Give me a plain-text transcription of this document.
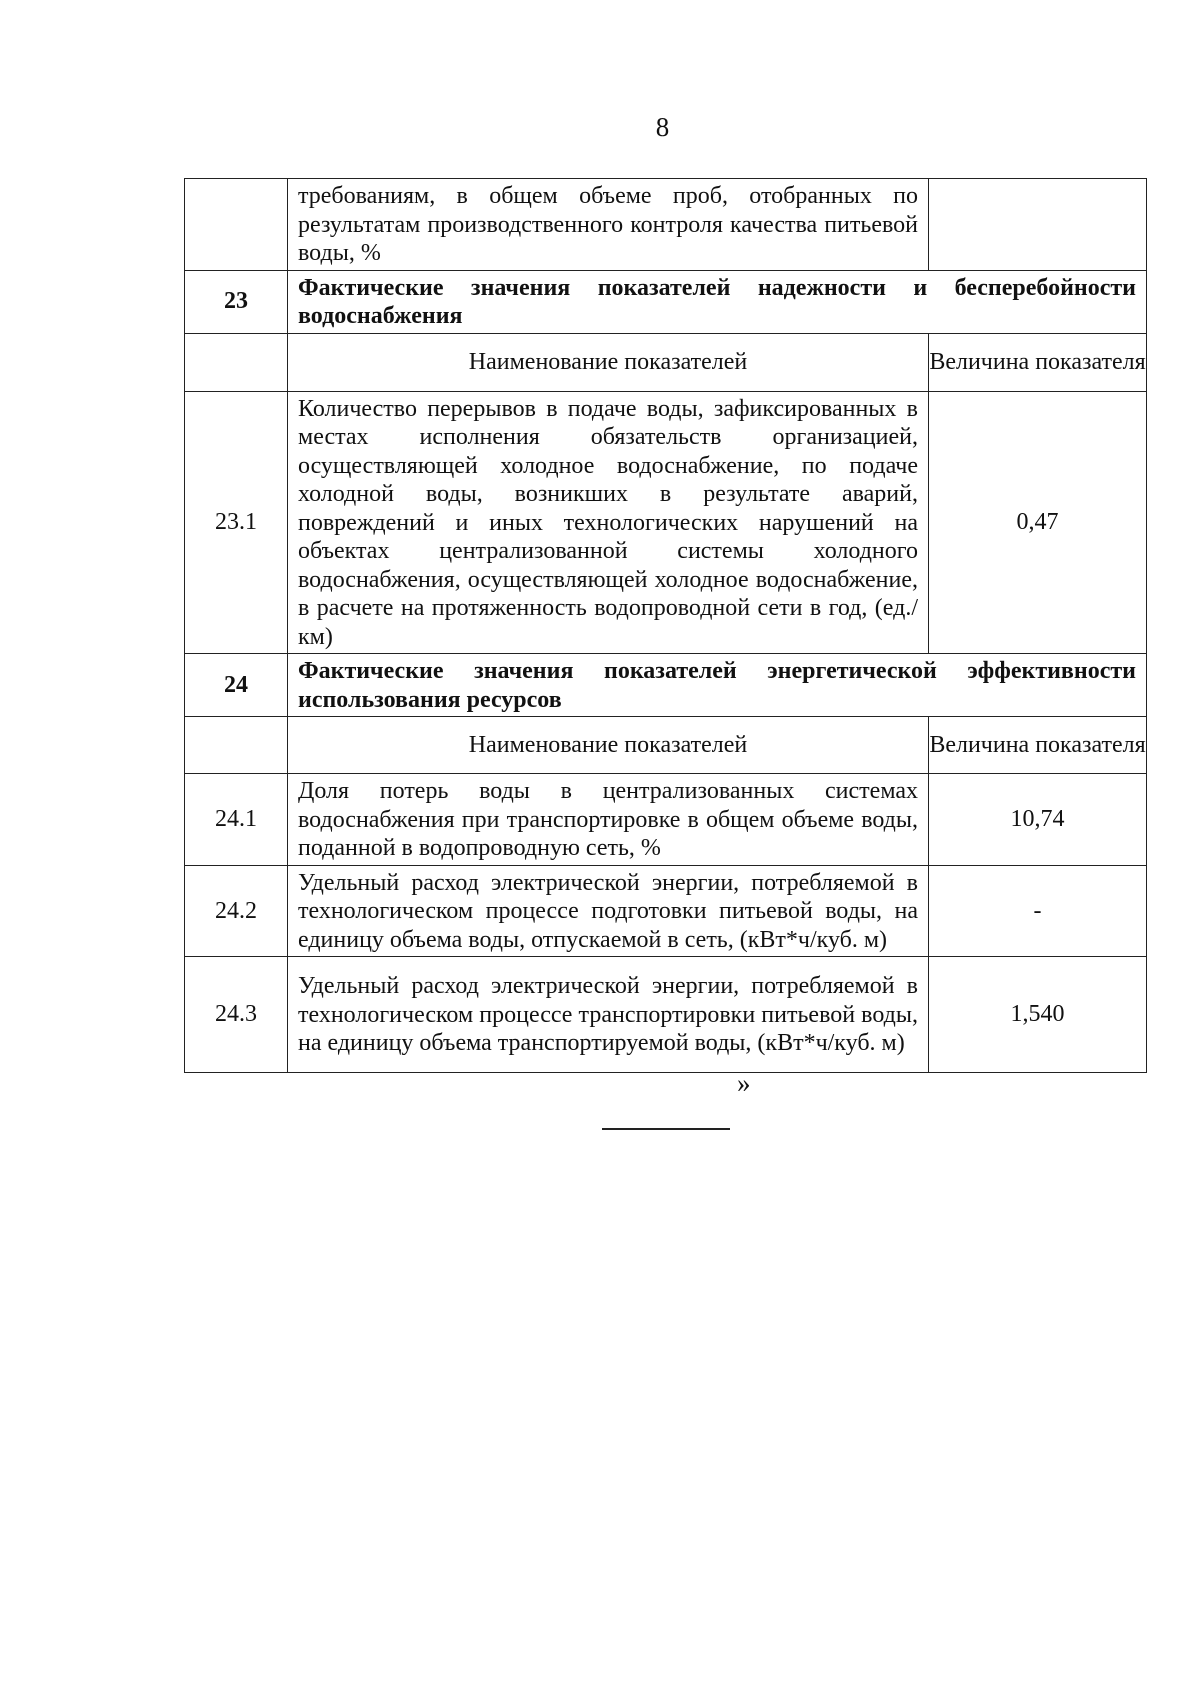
8
	требованиям, в общем объеме проб, отобранных по результатам производственного контроля качества питьевой воды, %	
23	Фактические значения показателей надежности и бесперебойности водоснабжения	
	Наименование показателей	Величина показателя
23.1	Количество перерывов в подаче воды, зафиксированных в местах исполнения обязательств организацией, осуществляющей холодное водоснабжение, по подаче холодной воды, возникших в результате аварий, повреждений и иных технологических нарушений на объектах централизованной системы холодного водоснабжения, осуществляющей холодное водоснабжение, в расчете на протяженность водопроводной сети в год, (ед./км)	0,47
24	Фактические значения показателей энергетической эффективности использования ресурсов	
	Наименование показателей	Величина показателя
24.1	Доля потерь воды в централизованных системах водоснабжения при транспортировке в общем объеме воды, поданной в водопроводную сеть, %	10,74
24.2	Удельный расход электрической энергии, потребляемой в технологическом процессе подготовки питьевой воды, на единицу объема воды, отпускаемой в сеть, (кВт*ч/куб. м)	-
24.3	Удельный расход электрической энергии, потребляемой в технологическом процессе транспортировки питьевой воды, на единицу объема транспортируемой воды, (кВт*ч/куб. м)	1,540
»
